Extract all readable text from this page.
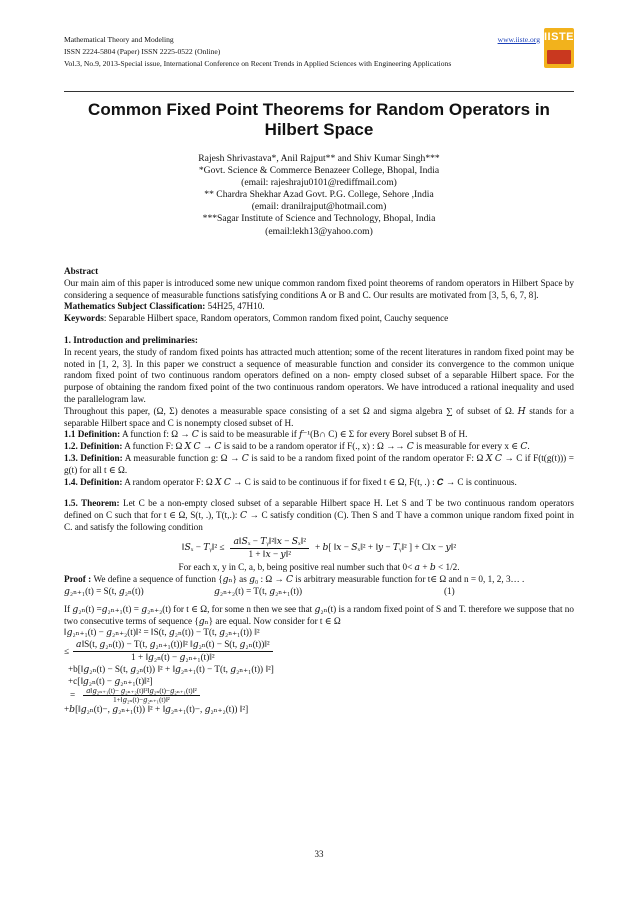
Mathematical Theory and Modeling	www.iiste.org
ISSN 2224-5804 (Paper) ISSN 2225-0522 (Online)
Vol.3, No.9, 2013-Special issue, International Conference on Recent Trends in Applied Sciences with Engineering Applications
IISTE
Common Fixed Point Theorems for Random Operators in
Hilbert Space
Rajesh Shrivastava*, Anil Rajput** and Shiv Kumar Singh***
*Govt. Science & Commerce Benazeer College, Bhopal, India
(email: rajeshraju0101@rediffmail.com)
** Chardra Shekhar Azad Govt. P.G. College, Sehore ,India
(email: dranilrajput@hotmail.com)
***Sagar Institute of Science and Technology, Bhopal, India
(email:lekh13@yahoo.com)

Abstract

Our main aim of this paper is introduced some new unique common random fixed point theorems of random operators in Hilbert Space by considering a sequence of measurable functions satisfying conditions A or B and C. Our results are motivated from [3, 5, 6, 7, 8].

Mathematics Subject Classification: 54H25, 47H10.

Keywords: Separable Hilbert space, Random operators, Common random fixed point, Cauchy sequence

1. Introduction and preliminaries:

In recent years, the study of random fixed points has attracted much attention; some of the recent literatures in random fixed point may be noted in [1, 2, 3]. In this paper we construct a sequence of measurable function and consider its convergence to the common unique random fixed point of two continuous random operators defined on a non- empty closed subset of a separable Hilbert space. For the purpose of obtaining the random fixed point of the two continuous random operators. We have introduced a rational inequality and used the parallelogram law.

Throughout this paper, (Ω, Σ) denotes a measurable space consisting of a set Ω and sigma algebra ∑ of subset of Ω. 𝐻 stands for a separable Hilbert space and C is nonempty closed subset of H.

1.1 Definition: A function f: Ω → 𝐶 is said to be measurable if 𝑓⁻¹(B∩ C) ∈ Σ for every Borel subset B of H.

1.2. Definition: A function F: Ω 𝑋 𝐶 → 𝐶 is said to be a random operator if F(., x) : Ω →→ 𝐶 is measurable for every x ∈ 𝐶.

1.3. Definition: A measurable function g: Ω → 𝐶 is said to be a random fixed point of the random operator F: Ω 𝑋 𝐶 → C if F(t(g(t))) = g(t) for all t ∈ Ω.

1.4. Definition: A random operator F: Ω 𝑋 𝐶 → C is said to be continuous if for fixed t ∈ Ω, F(t, .) : 𝑪 → C is continuous.

1.5. Theorem: Let C be a non-empty closed subset of a separable Hilbert space H. Let S and T be two continuous random operators defined on C such that for t ∈ Ω, S(t, .), T(t,.): 𝐶 → C satisfy condition (C). Then S and T have a common unique random fixed point in C. and satisfy the following condition

‖𝑆ₓ − 𝑇ᵧ‖² ≤ $\frac{\text{𝑎‖𝑆ₓ − 𝑇ᵧ‖²‖𝑥 − 𝑆ₓ‖²}}{\text{1 + ‖𝑥 − 𝑦‖²}}$ + 𝑏[ ‖𝑥 − 𝑆ₓ‖² + ‖𝑦 − 𝑇ᵧ‖² ] + C‖𝑥 − 𝑦‖²

For each x, y in C, a, b, being positive real number such that 0< 𝑎 + 𝑏 < 1/2.

Proof : We define a sequence of function {𝑔ₙ} as 𝑔₀ : Ω → 𝐶 is arbitrary measurable function for t∈ Ω and n = 0, 1, 2, 3… .

𝑔₂ₙ₊₁(t) = S(t, 𝑔₂ₙ(t))	𝑔₂ₙ₊₂(t) = T(t, 𝑔₂ₙ₊₁(t))	(1)

If 𝑔₂ₙ(t) =𝑔₂ₙ₊₁(t) = 𝑔₂ₙ₊₂(t) for t ∈ Ω, for some n then we see that 𝑔₂ₙ(t) is a random fixed point of S and T. therefore we suppose that no two consecutive terms of sequence {𝑔ₙ} are equal. Now consider for t ∈ Ω

‖𝑔₂ₙ₊₁(t) − 𝑔₂ₙ₊₂(t)‖² = ‖S(t, 𝑔₂ₙ(t)) − T(t, 𝑔₂ₙ₊₁(t)) ‖²
≤
𝑎‖S(t, 𝑔₂ₙ(t)) − T(t, 𝑔₂ₙ₊₁(t))‖² ‖𝑔₂ₙ(t) − S(t, 𝑔₂ₙ(t))‖²
1 + ‖𝑔₂ₙ(t) − 𝑔₂ₙ₊₁(t)‖²
+b[‖𝑔₂ₙ(t) − S(t, 𝑔₂ₙ(t)) ‖² + ‖𝑔₂ₙ₊₁(t) − T(t, 𝑔₂ₙ₊₁(t)) ‖²]
+c[‖𝑔₂ₙ(t) − 𝑔₂ₙ₊₁(t)‖²]
= $\frac{\text{𝑎‖𝑔₂ₙ₊₁(t)− 𝑔₂ₙ₊₂(t)‖²‖𝑔₂ₙ(t)−𝑔₂ₙ₊₁(t)‖²}}{\text{1+‖𝑔₂ₙ(t)−𝑔₂ₙ₊₁(t)‖²}}$
+𝑏[‖𝑔₂ₙ(t)−, 𝑔₂ₙ₊₁(t)) ‖² + ‖𝑔₂ₙ₊₁(t)−, 𝑔₂ₙ₊₂(t)) ‖²]
33
